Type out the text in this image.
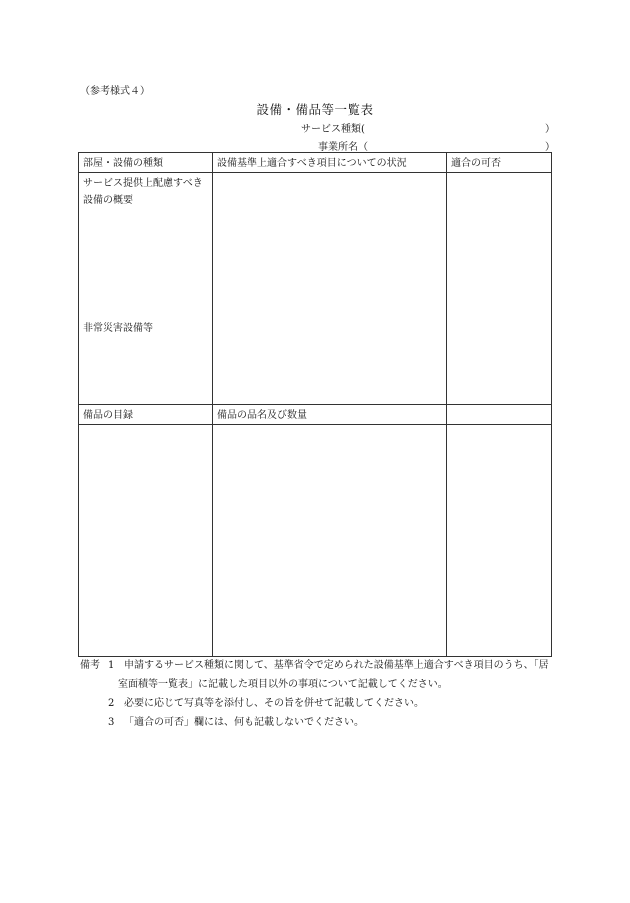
（参考様式４）
設備・備品等一覧表
サービス種類(	）
事業所名（	）
部屋・設備の種類	設備基準上適合すべき項目についての状況	適合の可否

サービス提供上配慮すべき
設備の概要
非常災害設備等		

備品の目録	備品の品名及び数量	

備考 1 申請するサービス種類に関して、基準省令で定められた設備基準上適合すべき項目のうち、「居
室面積等一覧表」に記載した項目以外の事項について記載してください。
2 必要に応じて写真等を添付し、その旨を併せて記載してください。
3 「適合の可否」欄には、何も記載しないでください。
